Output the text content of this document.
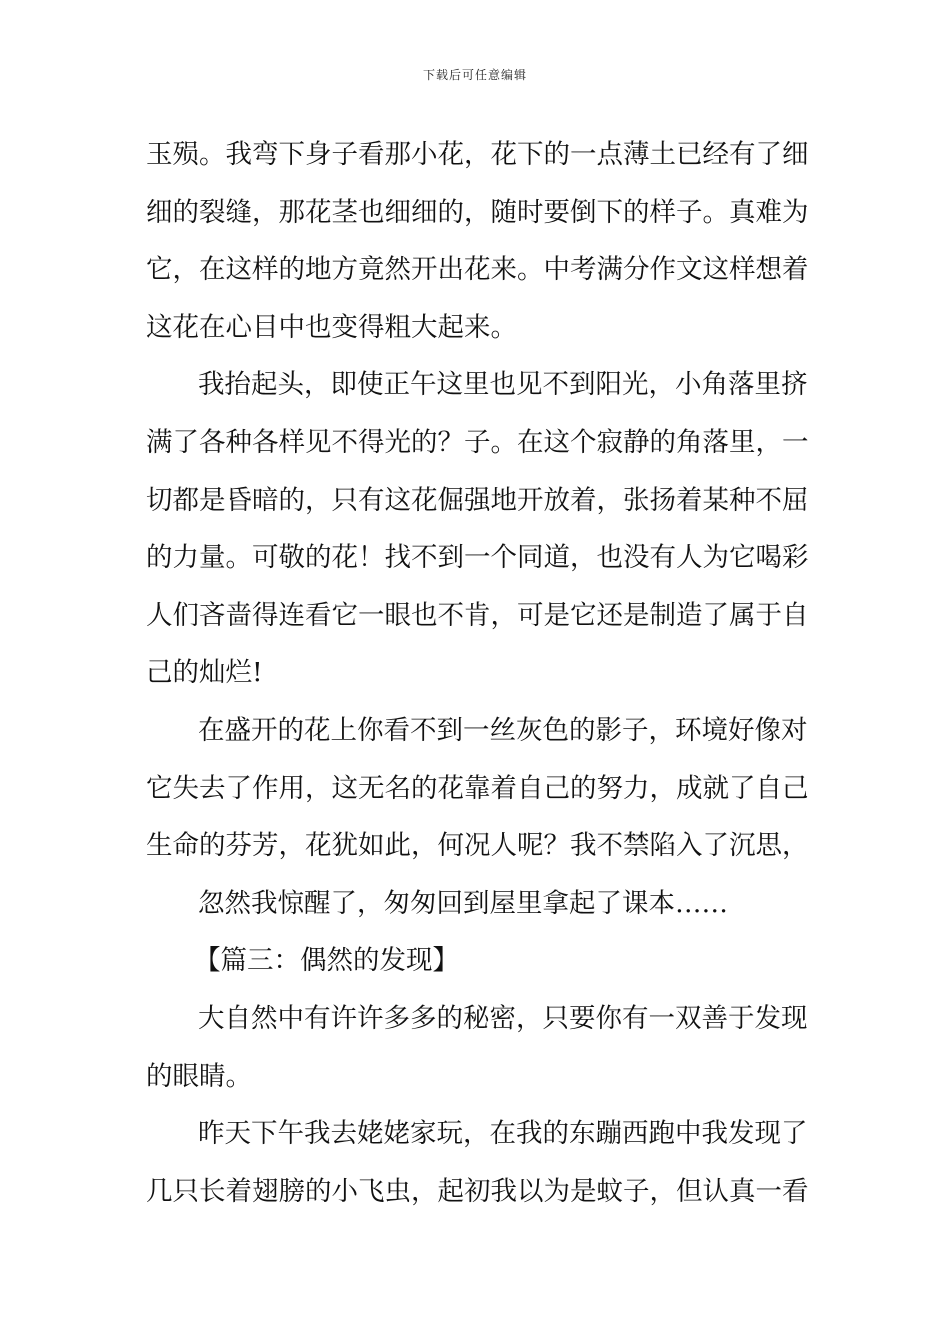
下载后可任意编辑
玉殒。我弯下身子看那小花，花下的一点薄土已经有了细
细的裂缝，那花茎也细细的，随时要倒下的样子。真难为
它，在这样的地方竟然开出花来。中考满分作文这样想着
这花在心目中也变得粗大起来。
我抬起头，即使正午这里也见不到阳光，小角落里挤
满了各种各样见不得光的？子。在这个寂静的角落里，一
切都是昏暗的，只有这花倔强地开放着，张扬着某种不屈
的力量。可敬的花！找不到一个同道，也没有人为它喝彩
人们吝啬得连看它一眼也不肯，可是它还是制造了属于自
己的灿烂!
在盛开的花上你看不到一丝灰色的影子，环境好像对
它失去了作用，这无名的花靠着自己的努力，成就了自己
生命的芬芳，花犹如此，何况人呢？我不禁陷入了沉思，
忽然我惊醒了，匆匆回到屋里拿起了课本……
【篇三：偶然的发现】
大自然中有许许多多的秘密，只要你有一双善于发现
的眼睛。
昨天下午我去姥姥家玩，在我的东蹦西跑中我发现了
几只长着翅膀的小飞虫，起初我以为是蚊子，但认真一看
